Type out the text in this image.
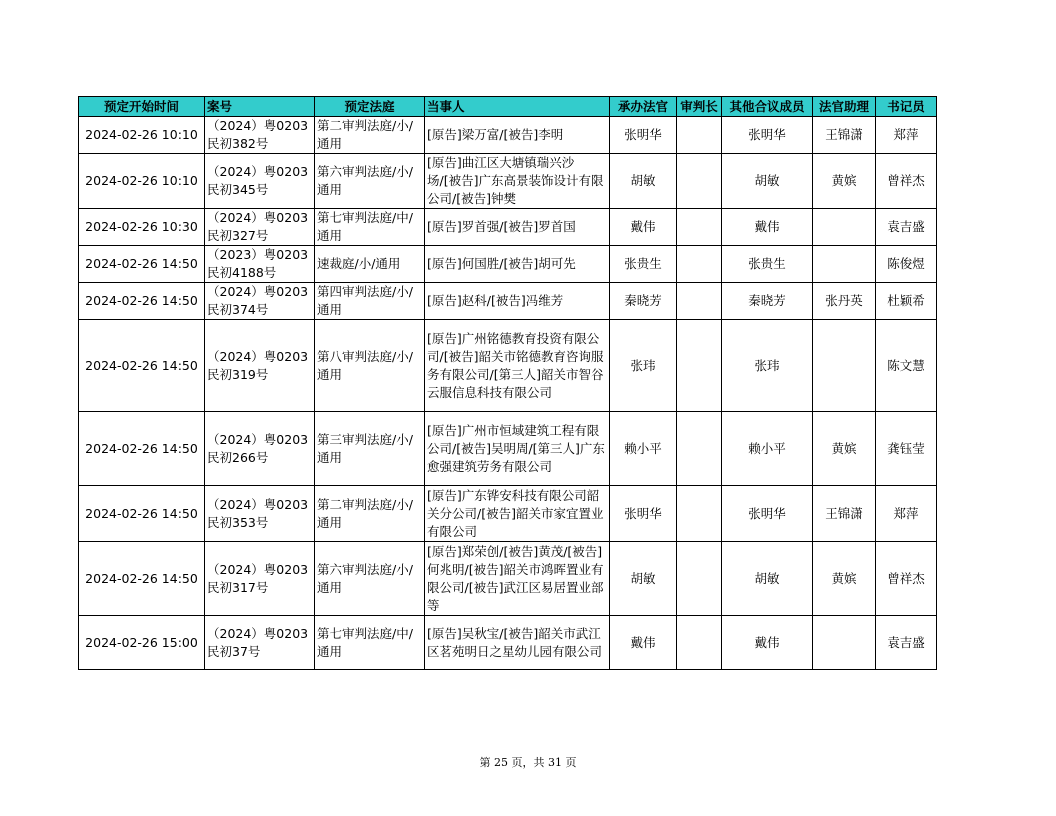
预定开始时间	案号	预定法庭	当事人	承办法官	审判长	其他合议成员	法官助理	书记员
2024-02-26 10:10	（2024）粤0203民初382号	第二审判法庭/小/通用	[原告]梁万富/[被告]李明	张明华		张明华	王锦潇	郑萍
2024-02-26 10:10	（2024）粤0203民初345号	第六审判法庭/小/通用	[原告]曲江区大塘镇瑞兴沙场/[被告]广东高景装饰设计有限公司/[被告]钟樊	胡敏		胡敏	黄嫔	曾祥杰
2024-02-26 10:30	（2024）粤0203民初327号	第七审判法庭/中/通用	[原告]罗首强/[被告]罗首国	戴伟		戴伟		袁吉盛
2024-02-26 14:50	（2023）粤0203民初4188号	速裁庭/小/通用	[原告]何国胜/[被告]胡可先	张贵生		张贵生		陈俊煜
2024-02-26 14:50	（2024）粤0203民初374号	第四审判法庭/小/通用	[原告]赵科/[被告]冯维芳	秦晓芳		秦晓芳	张丹英	杜颖希
2024-02-26 14:50	（2024）粤0203民初319号	第八审判法庭/小/通用	[原告]广州铭德教育投资有限公司/[被告]韶关市铭德教育咨询服务有限公司/[第三人]韶关市智谷云服信息科技有限公司	张玮		张玮		陈文慧
2024-02-26 14:50	（2024）粤0203民初266号	第三审判法庭/小/通用	[原告]广州市恒域建筑工程有限公司/[被告]吴明周/[第三人]广东愈强建筑劳务有限公司	赖小平		赖小平	黄嫔	龚钰莹
2024-02-26 14:50	（2024）粤0203民初353号	第二审判法庭/小/通用	[原告]广东铧安科技有限公司韶关分公司/[被告]韶关市家宜置业有限公司	张明华		张明华	王锦潇	郑萍
2024-02-26 14:50	（2024）粤0203民初317号	第六审判法庭/小/通用	[原告]郑荣创/[被告]黄茂/[被告]何兆明/[被告]韶关市鸿晖置业有限公司/[被告]武江区易居置业部等	胡敏		胡敏	黄嫔	曾祥杰
2024-02-26 15:00	（2024）粤0203民初37号	第七审判法庭/中/通用	[原告]吴秋宝/[被告]韶关市武江区茗苑明日之星幼儿园有限公司	戴伟		戴伟		袁吉盛
第 25 页，共 31 页
